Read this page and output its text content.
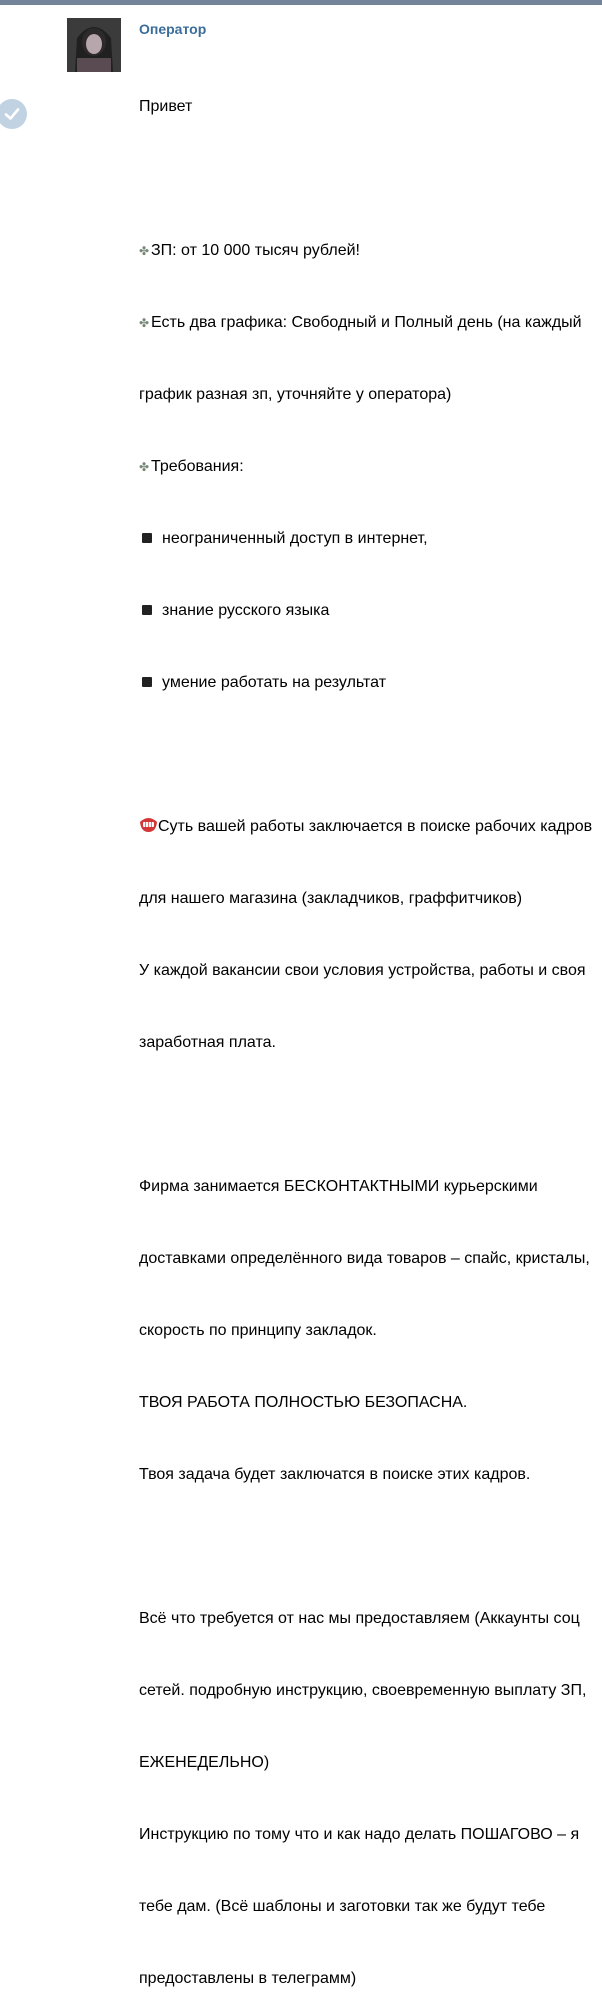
Оператор

Привет

✤ ЗП: от 10 000 тысяч рублей!

✤ Есть два графика: Свободный и Полный день (на каждый

график разная зп, уточняйте у оператора)

✤ Требования:

неограниченный доступ в интернет,

знание русского языка

умение работать на результат

Суть вашей работы заключается в поиске рабочих кадров

для нашего магазина (закладчиков, граффитчиков)

У каждой вакансии свои условия устройства, работы и своя

заработная плата.

Фирма занимается БЕСКОНТАКТНЫМИ курьерскими

доставками определённого вида товаров – спайс, кристалы,

скорость по принципу закладок.

ТВОЯ РАБОТА ПОЛНОСТЬЮ БЕЗОПАСНА.

Твоя задача будет заключатся в поиске этих кадров.

Всё что требуется от нас мы предоставляем (Аккаунты соц

сетей. подробную инструкцию, своевременную выплату ЗП,

ЕЖЕНЕДЕЛЬНО)

Инструкцию по тому что и как надо делать ПОШАГОВО – я

тебе дам. (Всё шаблоны и заготовки так же будут тебе

предоставлены в телеграмм)
